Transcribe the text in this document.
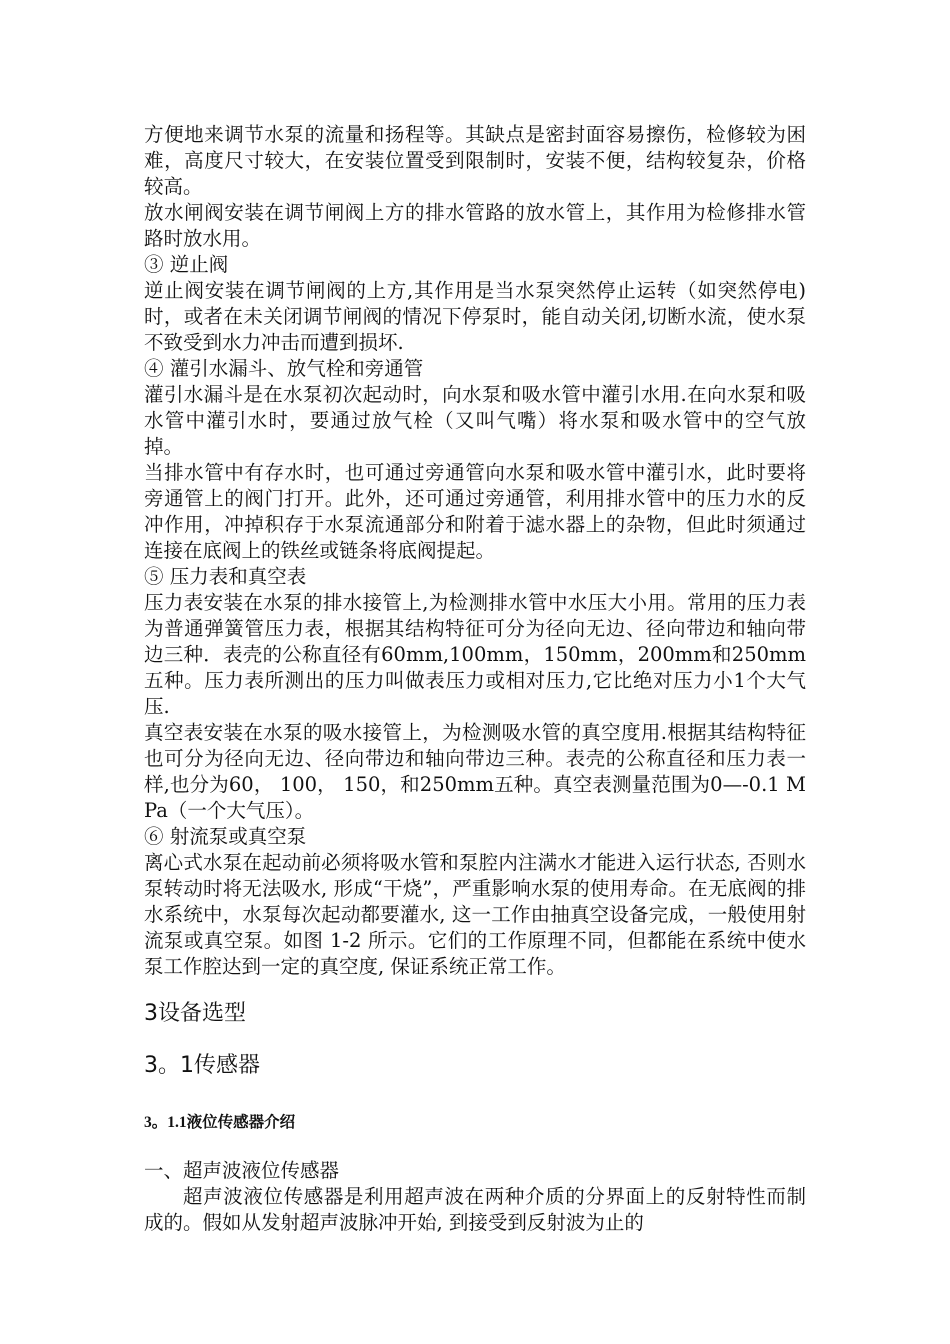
方便地来调节水泵的流量和扬程等。其缺点是密封面容易擦伤，检修较为困难，高度尺寸较大，在安装位置受到限制时，安装不便，结构较复杂，价格较高。

放水闸阀安装在调节闸阀上方的排水管路的放水管上，其作用为检修排水管路时放水用。

③ 逆止阀

逆止阀安装在调节闸阀的上方,其作用是当水泵突然停止运转（如突然停电)时，或者在未关闭调节闸阀的情况下停泵时，能自动关闭,切断水流，使水泵不致受到水力冲击而遭到损坏.

④ 灌引水漏斗、放气栓和旁通管

灌引水漏斗是在水泵初次起动时，向水泵和吸水管中灌引水用.在向水泵和吸水管中灌引水时，要通过放气栓（又叫气嘴）将水泵和吸水管中的空气放掉。

当排水管中有存水时，也可通过旁通管向水泵和吸水管中灌引水，此时要将旁通管上的阀门打开。此外，还可通过旁通管，利用排水管中的压力水的反冲作用，冲掉积存于水泵流通部分和附着于滤水器上的杂物，但此时须通过连接在底阀上的铁丝或链条将底阀提起。

⑤ 压力表和真空表

压力表安装在水泵的排水接管上,为检测排水管中水压大小用。常用的压力表为普通弹簧管压力表，根据其结构特征可分为径向无边、径向带边和轴向带边三种．表壳的公称直径有60mm,100mm，150mm，200mm和250mm五种。压力表所测出的压力叫做表压力或相对压力,它比绝对压力小1个大气压.

真空表安装在水泵的吸水接管上，为检测吸水管的真空度用.根据其结构特征也可分为径向无边、径向带边和轴向带边三种。表壳的公称直径和压力表一样,也分为60， 100， 150，和250mm五种。真空表测量范围为0—-0.1 MPa（一个大气压）。

⑥ 射流泵或真空泵

离心式水泵在起动前必须将吸水管和泵腔内注满水才能进入运行状态, 否则水泵转动时将无法吸水, 形成“干烧”，严重影响水泵的使用寿命。在无底阀的排水系统中，水泵每次起动都要灌水, 这一工作由抽真空设备完成，一般使用射流泵或真空泵。如图 1-2 所示。它们的工作原理不同，但都能在系统中使水泵工作腔达到一定的真空度, 保证系统正常工作。

3设备选型
3。1传感器
3。1.1液位传感器介绍

一、超声波液位传感器

超声波液位传感器是利用超声波在两种介质的分界面上的反射特性而制成的。假如从发射超声波脉冲开始, 到接受到反射波为止的
